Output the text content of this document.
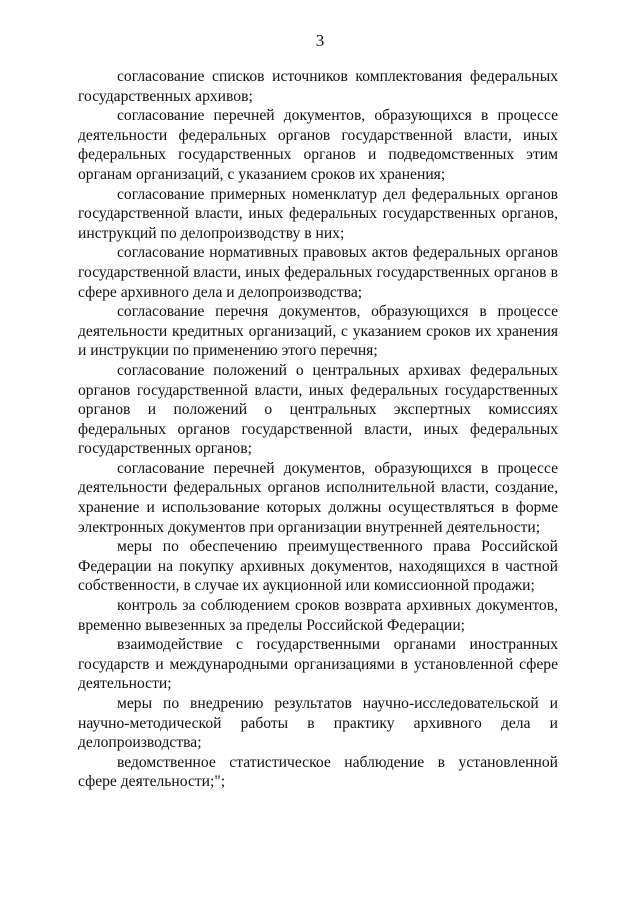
3

согласование списков источников комплектования федеральных государственных архивов;

согласование перечней документов, образующихся в процессе деятельности федеральных органов государственной власти, иных федеральных государственных органов и подведомственных этим органам организаций, с указанием сроков их хранения;

согласование примерных номенклатур дел федеральных органов государственной власти, иных федеральных государственных органов, инструкций по делопроизводству в них;

согласование нормативных правовых актов федеральных органов государственной власти, иных федеральных государственных органов в сфере архивного дела и делопроизводства;

согласование перечня документов, образующихся в процессе деятельности кредитных организаций, с указанием сроков их хранения и инструкции по применению этого перечня;

согласование положений о центральных архивах федеральных органов государственной власти, иных федеральных государственных органов и положений о центральных экспертных комиссиях федеральных органов государственной власти, иных федеральных государственных органов;

согласование перечней документов, образующихся в процессе деятельности федеральных органов исполнительной власти, создание, хранение и использование которых должны осуществляться в форме электронных документов при организации внутренней деятельности;

меры по обеспечению преимущественного права Российской Федерации на покупку архивных документов, находящихся в частной собственности, в случае их аукционной или комиссионной продажи;

контроль за соблюдением сроков возврата архивных документов, временно вывезенных за пределы Российской Федерации;

взаимодействие с государственными органами иностранных государств и международными организациями в установленной сфере деятельности;

меры по внедрению результатов научно-исследовательской и научно-методической работы в практику архивного дела и делопроизводства;

ведомственное статистическое наблюдение в установленной сфере деятельности;";
